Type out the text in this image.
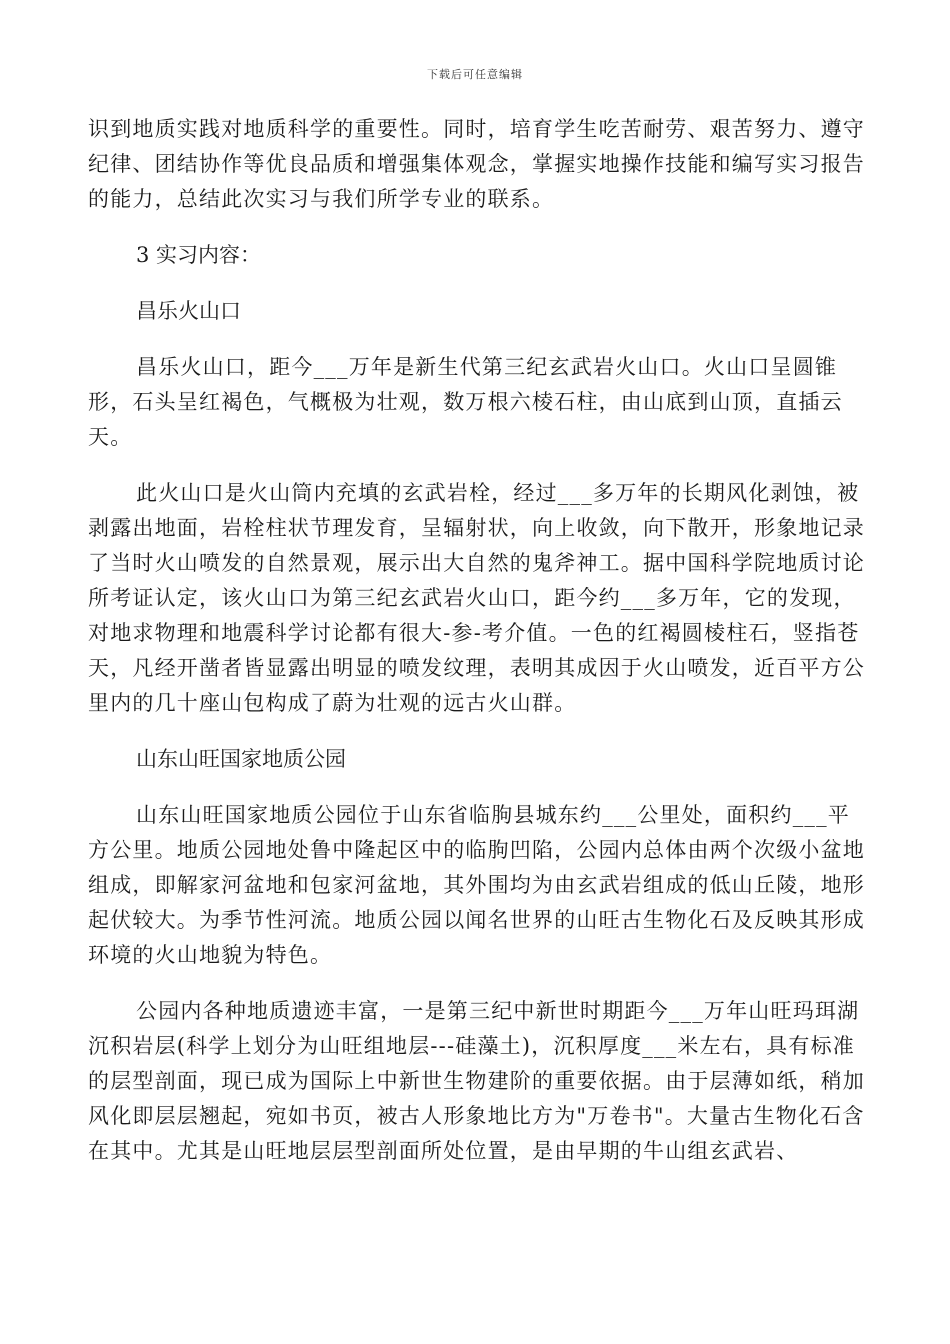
下载后可任意编辑

识到地质实践对地质科学的重要性。同时，培育学生吃苦耐劳、艰苦努力、遵守纪律、团结协作等优良品质和增强集体观念，掌握实地操作技能和编写实习报告的能力，总结此次实习与我们所学专业的联系。

3 实习内容：

昌乐火山口

昌乐火山口，距今___万年是新生代第三纪玄武岩火山口。火山口呈圆锥形，石头呈红褐色，气概极为壮观，数万根六棱石柱，由山底到山顶，直插云天。

此火山口是火山筒内充填的玄武岩栓，经过___多万年的长期风化剥蚀，被剥露出地面，岩栓柱状节理发育，呈辐射状，向上收敛，向下散开，形象地记录了当时火山喷发的自然景观，展示出大自然的鬼斧神工。据中国科学院地质讨论所考证认定，该火山口为第三纪玄武岩火山口，距今约___多万年，它的发现，对地求物理和地震科学讨论都有很大-参-考介值。一色的红褐圆棱柱石，竖指苍天，凡经开凿者皆显露出明显的喷发纹理，表明其成因于火山喷发，近百平方公里内的几十座山包构成了蔚为壮观的远古火山群。

山东山旺国家地质公园

山东山旺国家地质公园位于山东省临朐县城东约___公里处，面积约___平方公里。地质公园地处鲁中隆起区中的临朐凹陷，公园内总体由两个次级小盆地组成，即解家河盆地和包家河盆地，其外围均为由玄武岩组成的低山丘陵，地形起伏较大。为季节性河流。地质公园以闻名世界的山旺古生物化石及反映其形成环境的火山地貌为特色。

公园内各种地质遗迹丰富，一是第三纪中新世时期距今___万年山旺玛珥湖沉积岩层(科学上划分为山旺组地层---硅藻土)，沉积厚度___米左右，具有标准的层型剖面，现已成为国际上中新世生物建阶的重要依据。由于层薄如纸，稍加风化即层层翘起，宛如书页，被古人形象地比方为"万卷书"。大量古生物化石含在其中。尤其是山旺地层层型剖面所处位置，是由早期的牛山组玄武岩、
